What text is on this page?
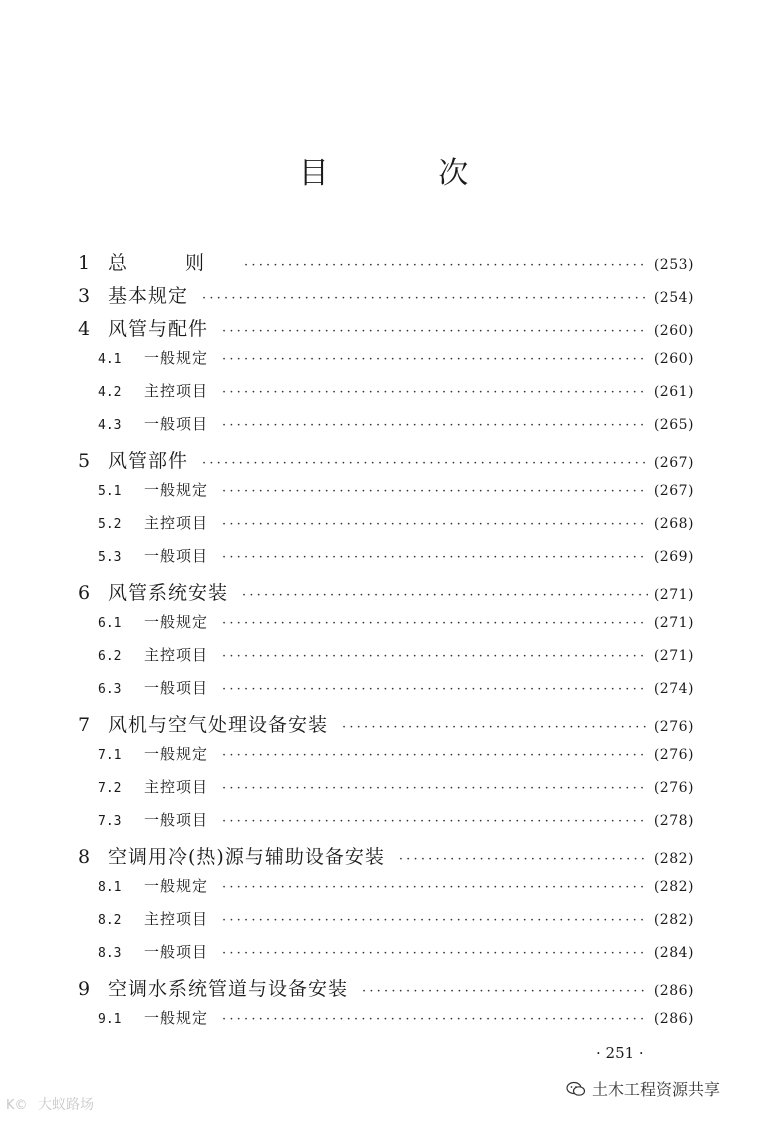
目 次
1 总 则 ·····	(253)
3 基本规定 ·····	(254)
4 风管与配件 ·····	(260)
4.1 一般规定 ·····	(260)
4.2 主控项目 ·····	(261)
4.3 一般项目 ·····	(265)
5 风管部件 ·····	(267)
5.1 一般规定 ·····	(267)
5.2 主控项目 ·····	(268)
5.3 一般项目 ·····	(269)
6 风管系统安装 ·····	(271)
6.1 一般规定 ·····	(271)
6.2 主控项目 ·····	(271)
6.3 一般项目 ·····	(274)
7 风机与空气处理设备安装 ·····	(276)
7.1 一般规定 ·····	(276)
7.2 主控项目 ·····	(276)
7.3 一般项目 ·····	(278)
8 空调用冷(热)源与辅助设备安装 ·····	(282)
8.1 一般规定 ·····	(282)
8.2 主控项目 ·····	(282)
8.3 一般项目 ·····	(284)
9 空调水系统管道与设备安装 ·····	(286)
9.1 一般规定 ·····	(286)
· 251 ·
土木工程资源共享
K© 大蚁路场
